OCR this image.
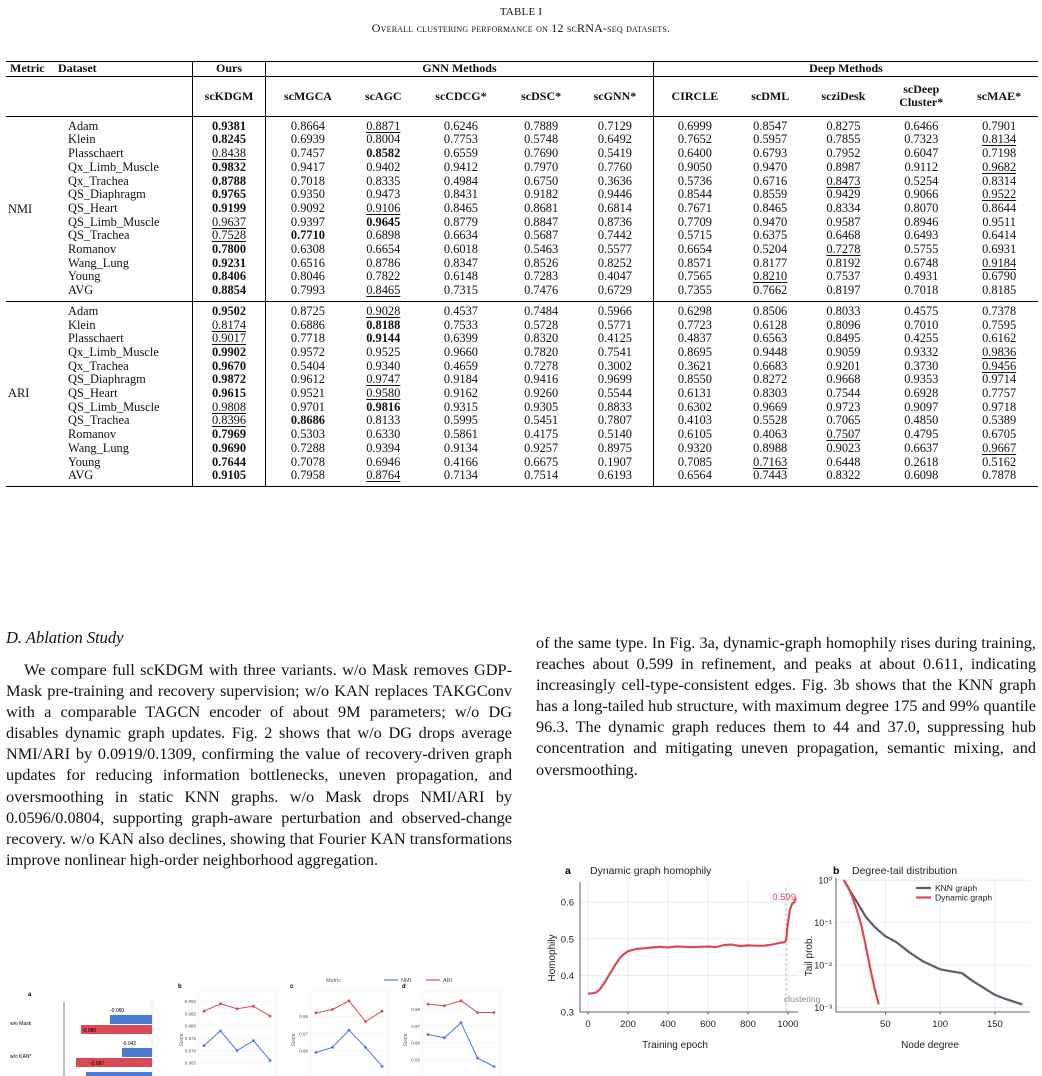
TABLE I
Overall clustering performance on 12 scRNA-seq datasets.
Metric	Dataset	Ours	GNN Methods					Deep Methods				

		scKDGM	scMGCA	scAGC	scCDCG*	scDSC*	scGNN*	CIRCLE	scDML	scziDesk	scDeep Cluster*	scMAE*
NMI	Adam	0.9381	0.8664	0.8871	0.6246	0.7889	0.7129	0.6999	0.8547	0.8275	0.6466	0.7901
	Klein	0.8245	0.6939	0.8004	0.7753	0.5748	0.6492	0.7652	0.5957	0.7855	0.7323	0.8134
	Plasschaert	0.8438	0.7457	0.8582	0.6559	0.7690	0.5419	0.6400	0.6793	0.7952	0.6047	0.7198
	Qx_Limb_Muscle	0.9832	0.9417	0.9402	0.9412	0.7970	0.7760	0.9050	0.9470	0.8987	0.9112	0.9682
	Qx_Trachea	0.8788	0.7018	0.8335	0.4984	0.6750	0.3636	0.5736	0.6716	0.8473	0.5254	0.8314
	QS_Diaphragm	0.9765	0.9350	0.9473	0.8431	0.9182	0.9446	0.8544	0.8559	0.9429	0.9066	0.9522
	QS_Heart	0.9199	0.9092	0.9106	0.8465	0.8681	0.6814	0.7671	0.8465	0.8334	0.8070	0.8644
	QS_Limb_Muscle	0.9637	0.9397	0.9645	0.8779	0.8847	0.8736	0.7709	0.9470	0.9587	0.8946	0.9511
	QS_Trachea	0.7528	0.7710	0.6898	0.6634	0.5687	0.7442	0.5715	0.6375	0.6468	0.6493	0.6414
	Romanov	0.7800	0.6308	0.6654	0.6018	0.5463	0.5577	0.6654	0.5204	0.7278	0.5755	0.6931
	Wang_Lung	0.9231	0.6516	0.8786	0.8347	0.8526	0.8252	0.8571	0.8177	0.8192	0.6748	0.9184
	Young	0.8406	0.8046	0.7822	0.6148	0.7283	0.4047	0.7565	0.8210	0.7537	0.4931	0.6790
	AVG	0.8854	0.7993	0.8465	0.7315	0.7476	0.6729	0.7355	0.7662	0.8197	0.7018	0.8185
ARI	Adam	0.9502	0.8725	0.9028	0.4537	0.7484	0.5966	0.6298	0.8506	0.8033	0.4575	0.7378
	Klein	0.8174	0.6886	0.8188	0.7533	0.5728	0.5771	0.7723	0.6128	0.8096	0.7010	0.7595
	Plasschaert	0.9017	0.7718	0.9144	0.6399	0.8320	0.4125	0.4837	0.6563	0.8495	0.4255	0.6162
	Qx_Limb_Muscle	0.9902	0.9572	0.9525	0.9660	0.7820	0.7541	0.8695	0.9448	0.9059	0.9332	0.9836
	Qx_Trachea	0.9670	0.5404	0.9340	0.4659	0.7278	0.3002	0.3621	0.6683	0.9201	0.3730	0.9456
	QS_Diaphragm	0.9872	0.9612	0.9747	0.9184	0.9416	0.9699	0.8550	0.8272	0.9668	0.9353	0.9714
	QS_Heart	0.9615	0.9521	0.9580	0.9162	0.9260	0.5544	0.6131	0.8303	0.7544	0.6928	0.7757
	QS_Limb_Muscle	0.9808	0.9701	0.9816	0.9315	0.9305	0.8833	0.6302	0.9669	0.9723	0.9097	0.9718
	QS_Trachea	0.8396	0.8686	0.8133	0.5995	0.5451	0.7807	0.4103	0.5528	0.7065	0.4850	0.5389
	Romanov	0.7969	0.5303	0.6330	0.5861	0.4175	0.5140	0.6105	0.4063	0.7507	0.4795	0.6705
	Wang_Lung	0.9690	0.7288	0.9394	0.9134	0.9257	0.8975	0.9320	0.8988	0.9023	0.6637	0.9667
	Young	0.7644	0.7078	0.6946	0.4166	0.6675	0.1907	0.7085	0.7163	0.6448	0.2618	0.5162
	AVG	0.9105	0.7958	0.8764	0.7134	0.7514	0.6193	0.6564	0.7443	0.8322	0.6098	0.7878
D. Ablation Study
We compare full scKDGM with three variants. w/o Mask removes GDP-Mask pre-training and recovery supervision; w/o KAN replaces TAKGConv with a comparable TAGCN encoder of about 9M parameters; w/o DG disables dynamic graph updates. Fig. 2 shows that w/o DG drops average NMI/ARI by 0.0919/0.1309, confirming the value of recovery-driven graph updates for reducing information bottlenecks, uneven propagation, and oversmoothing in static KNN graphs. w/o Mask drops NMI/ARI by 0.0596/0.0804, supporting graph-aware perturbation and observed-change recovery. w/o KAN also declines, showing that Fourier KAN transformations improve nonlinear high-order neighborhood aggregation.
of the same type. In Fig. 3a, dynamic-graph homophily rises during training, reaches about 0.599 in refinement, and peaks at about 0.611, indicating increasingly cell-type-consistent edges. Fig. 3b shows that the KNN graph has a long-tailed hub structure, with maximum degree 175 and 99% quantile 96.3. The dynamic graph reduces them to 44 and 37.0, suppressing hub concentration and mitigating uneven propagation, semantic mixing, and oversmoothing.
Metric	NMI	ARI
a
w/o Mask
-0.060
-0.080
w/o KAN*
-0.042
-0.087
b
0.990
0.985
0.980
0.975
0.970
0.965
Score
c
0.98
0.97
0.96
Score
d
0.98
0.97
0.96
0.95
Score
a Dynamic graph homophily
Homophily
Training epoch
0.3
0.4
0.5
0.6
0	200	400	600	800 1000
clustering
0.599
b Degree-tail distribution
Tail prob.
Node degree
10⁰
10⁻¹
10⁻²
10⁻³
50	100	150
KNN graph
Dynamic graph
